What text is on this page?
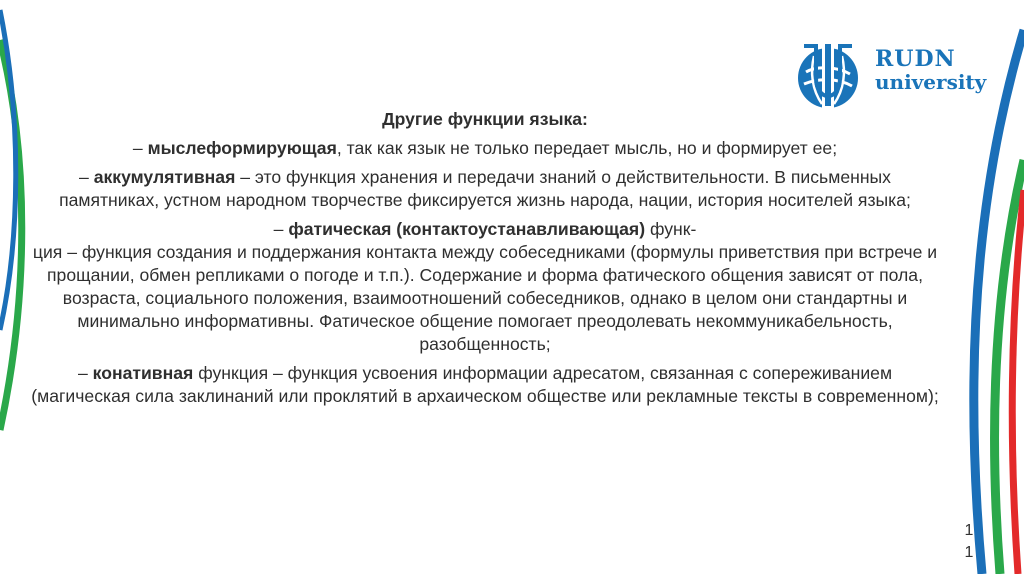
RUDN
university

Другие функции языка:

– мыслеформирующая, так как язык не только передает мысль, но и формирует ее;

– аккумулятивная – это функция хранения и передачи знаний о действительности. В письменных памятниках, устном народном творчестве фиксируется жизнь народа, нации, история носителей языка;

– фатическая (контактоустанавливающая) функ-
ция – функция создания и поддержания контакта между собеседниками (формулы приветствия при встрече и прощании, обмен репликами о погоде и т.п.). Содержание и форма фатического общения зависят от пола, возраста, социального положения, взаимоотношений собеседников, однако в целом они стандартны и минимально информативны. Фатическое общение помогает преодолевать некоммуникабельность, разобщенность;

– конативная функция – функция усвоения информации адресатом, связанная с сопереживанием (магическая сила заклинаний или проклятий в архаическом обществе или рекламные тексты в современном);

1
1
